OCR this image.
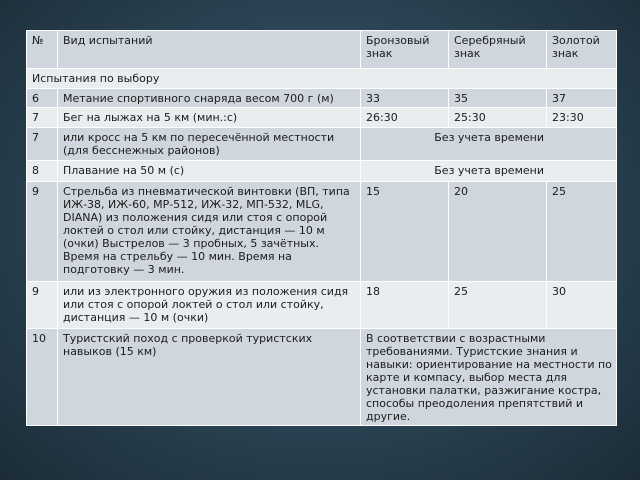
№	Вид испытаний	Бронзовый знак	Серебряный знак	Золотой знак
Испытания по выбору				
6	Метание спортивного снаряда весом 700 г (м)	33	35	37
7	Бег на лыжах на 5 км (мин.:с)	26:30	25:30	23:30
7	или кросс на 5 км по пересечённой местности (для бесснежных районов)	Без учета времени		
8	Плавание на 50 м (с)	Без учета времени		
9	Стрельба из пневматической винтовки (ВП, типа ИЖ-38, ИЖ-60, МР-512, ИЖ-32, МП-532, MLG, DIANA) из положения сидя или стоя с опорой локтей о стол или стойку, дистанция — 10 м (очки) Выстрелов — 3 пробных, 5 зачётных. Время на стрельбу — 10 мин. Время на подготовку — 3 мин.	15	20	25
9	или из электронного оружия из положения сидя или стоя с опорой локтей о стол или стойку, дистанция — 10 м (очки)	18	25	30
10	Туристский поход с проверкой туристских навыков (15 км)	В соответствии с возрастными требованиями. Туристские знания и навыки: ориентирование на местности по карте и компасу, выбор места для установки палатки, разжигание костра, способы преодоления препятствий и другие.		
